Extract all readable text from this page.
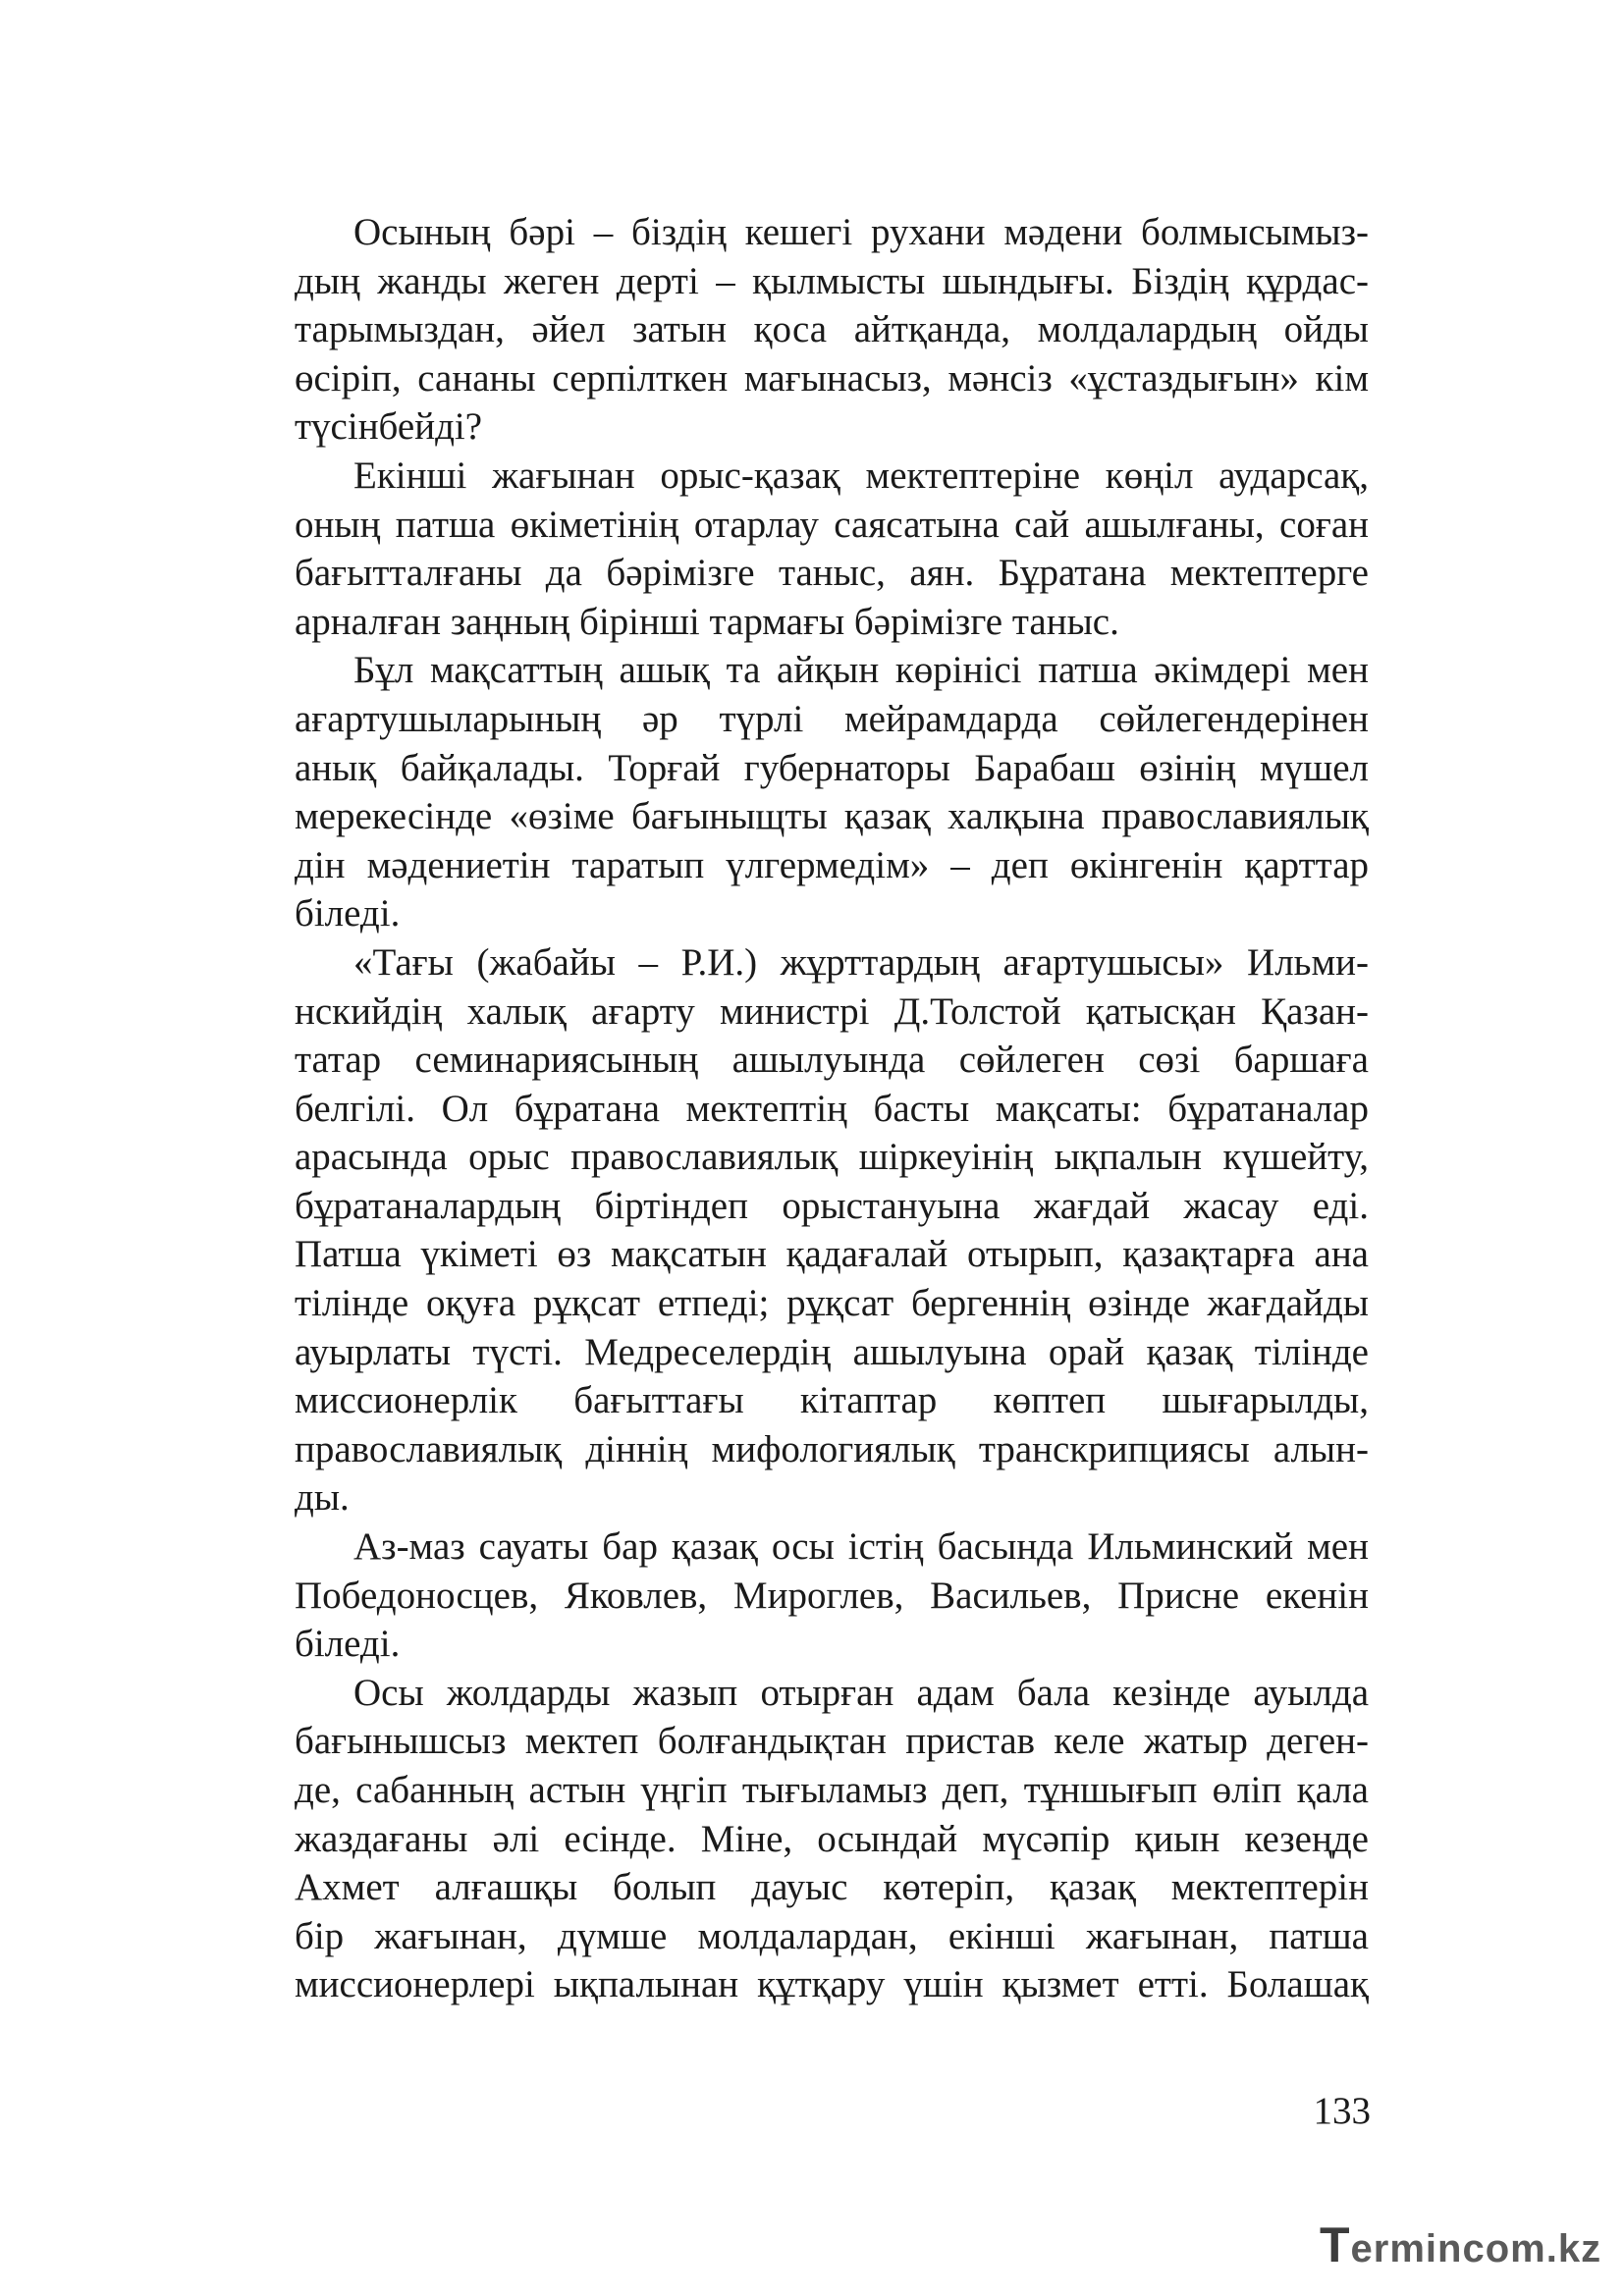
Осының бәрі – біздің кешегі рухани мәдени болмысымыз-
дың жанды жеген дерті – қылмысты шындығы. Біздің құрдас-
тарымыздан, әйел затын қоса айтқанда, молдалардың ойды
өсіріп, сананы серпілткен мағынасыз, мәнсіз «ұстаздығын» кім
түсінбейді?
Екінші жағынан орыс-қазақ мектептеріне көңіл аударсақ,
оның патша өкіметінің отарлау саясатына сай ашылғаны, соған
бағытталғаны да бәрімізге таныс, аян. Бұратана мектептерге
арналған заңның бірінші тармағы бәрімізге таныс.
Бұл мақсаттың ашық та айқын көрінісі патша әкімдері мен
ағартушыларының әр түрлі мейрамдарда сөйлегендерінен
анық байқалады. Торғай губернаторы Барабаш өзінің мүшел
мерекесінде «өзіме бағыныщты қазақ халқына православиялық
дін мәдениетін таратып үлгермедім» – деп өкінгенін қарттар
біледі.
«Тағы (жабайы – Р.И.) жұрттардың ағартушысы» Ильми-
нскийдің халық ағарту министрі Д.Толстой қатысқан Қазан-
татар семинариясының ашылуында сөйлеген сөзі баршаға
белгілі. Ол бұратана мектептің басты мақсаты: бұратаналар
арасында орыс православиялық шіркеуінің ықпалын күшейту,
бұратаналардың біртіндеп орыстануына жағдай жасау еді.
Патша үкіметі өз мақсатын қадағалай отырып, қазақтарға ана
тілінде оқуға рұқсат етпеді; рұқсат бергеннің өзінде жағдайды
ауырлаты түсті. Медреселердің ашылуына орай қазақ тілінде
миссионерлік бағыттағы кітаптар көптеп шығарылды,
православиялық діннің мифологиялық транскрипциясы алын-
ды.
Аз-маз сауаты бар қазақ осы істің басында Ильминский мен
Победоносцев, Яковлев, Мироглев, Васильев, Присне екенін
біледі.
Осы жолдарды жазып отырған адам бала кезінде ауылда
бағынышсыз мектеп болғандықтан пристав келе жатыр деген-
де, сабанның астын үңгіп тығыламыз деп, тұншығып өліп қала
жаздағаны әлі есінде. Міне, осындай мүсәпір қиын кезеңде
Ахмет алғашқы болып дауыс көтеріп, қазақ мектептерін
бір жағынан, дүмше молдалардан, екінші жағынан, патша
миссионерлері ықпалынан құтқару үшін қызмет етті. Болашақ
133
Termincom.kz
